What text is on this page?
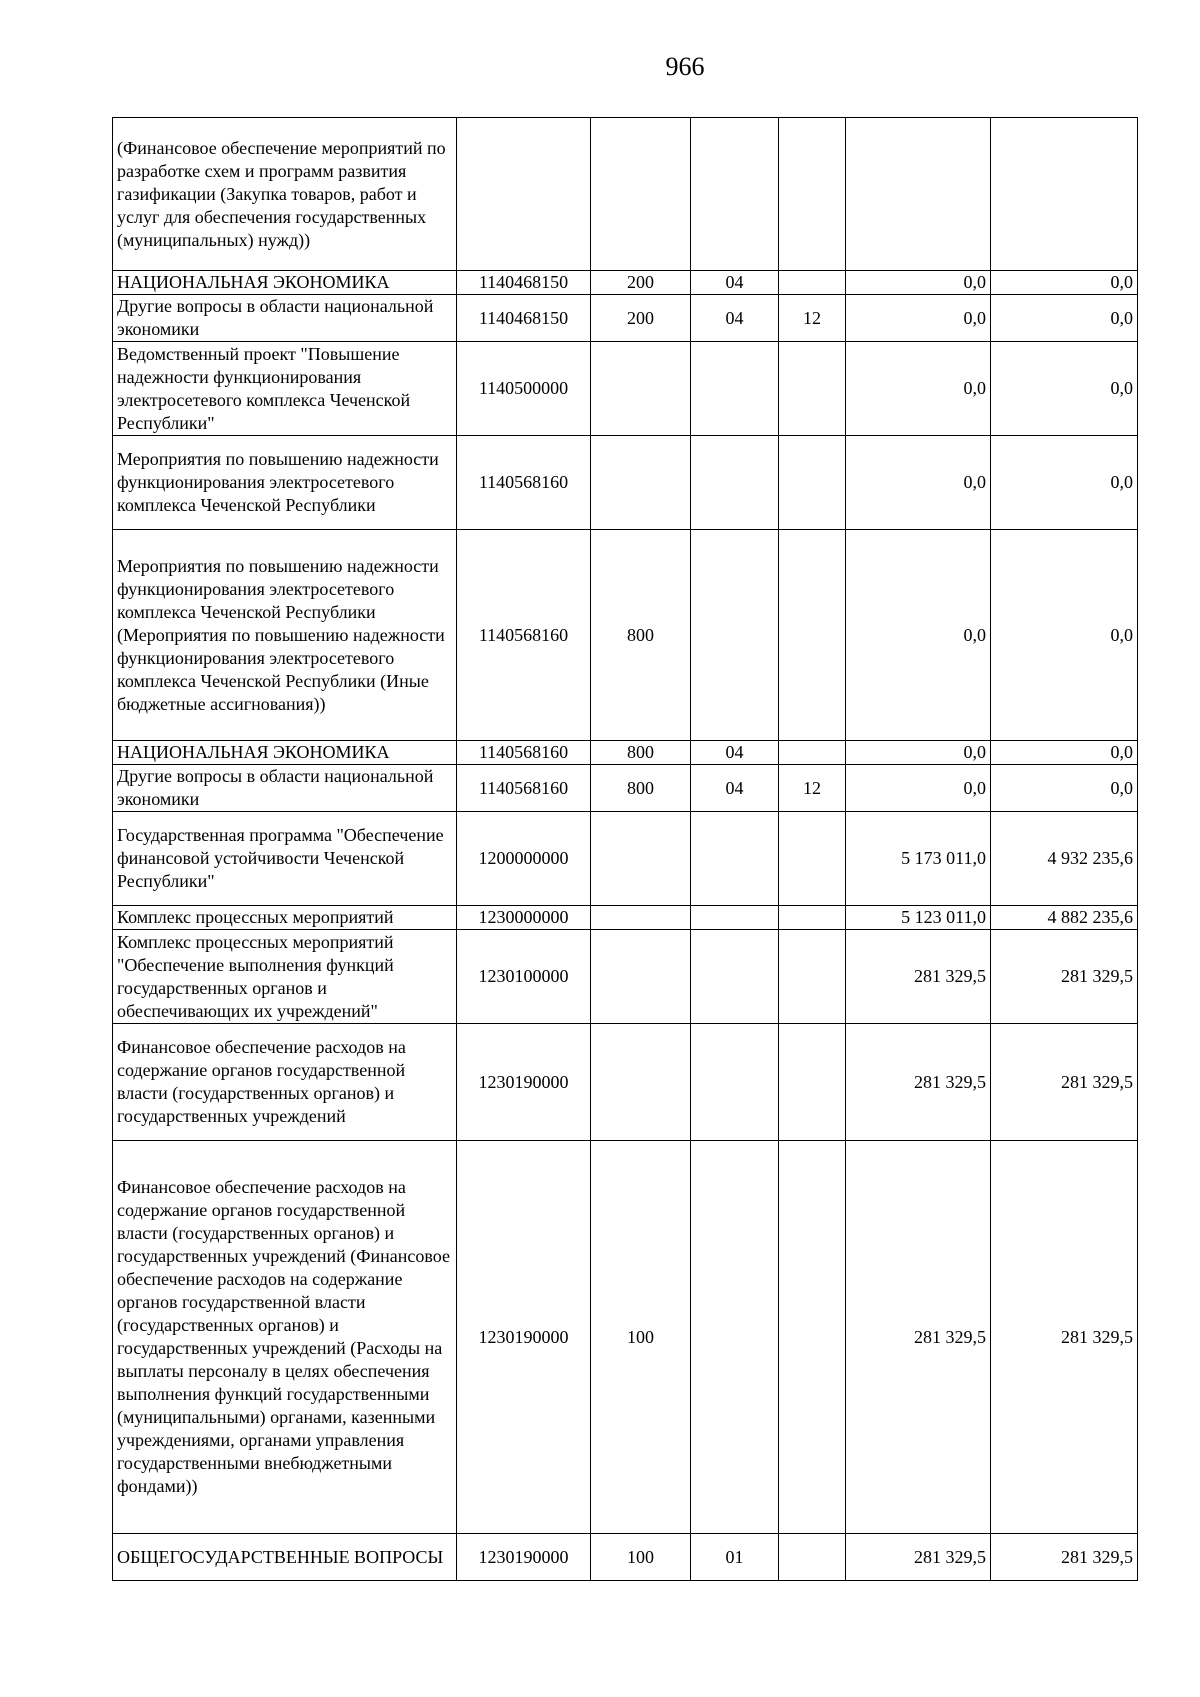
966
(Финансовое обеспечение мероприятий по разработке схем и программ развития газификации (Закупка товаров, работ и услуг для обеспечения государственных (муниципальных) нужд))						
НАЦИОНАЛЬНАЯ ЭКОНОМИКА	1140468150	200	04		0,0	0,0
Другие вопросы в области национальной экономики	1140468150	200	04	12	0,0	0,0
Ведомственный проект "Повышение надежности функционирования электросетевого комплекса Чеченской Республики"	1140500000				0,0	0,0
Мероприятия по повышению надежности функционирования электросетевого комплекса Чеченской Республики	1140568160				0,0	0,0
Мероприятия по повышению надежности функционирования электросетевого комплекса Чеченской Республики (Мероприятия по повышению надежности функционирования электросетевого комплекса Чеченской Республики (Иные бюджетные ассигнования))	1140568160	800			0,0	0,0
НАЦИОНАЛЬНАЯ ЭКОНОМИКА	1140568160	800	04		0,0	0,0
Другие вопросы в области национальной экономики	1140568160	800	04	12	0,0	0,0
Государственная программа "Обеспечение финансовой устойчивости Чеченской Республики"	1200000000				5 173 011,0	4 932 235,6
Комплекс процессных мероприятий	1230000000				5 123 011,0	4 882 235,6
Комплекс процессных мероприятий "Обеспечение выполнения функций государственных органов и обеспечивающих их учреждений"	1230100000				281 329,5	281 329,5
Финансовое обеспечение расходов на содержание органов государственной власти (государственных органов) и государственных учреждений	1230190000				281 329,5	281 329,5
Финансовое обеспечение расходов на содержание органов государственной власти (государственных органов) и государственных учреждений (Финансовое обеспечение расходов на содержание органов государственной власти (государственных органов) и государственных учреждений (Расходы на выплаты персоналу в целях обеспечения выполнения функций государственными (муниципальными) органами, казенными учреждениями, органами управления государственными внебюджетными фондами))	1230190000	100			281 329,5	281 329,5
ОБЩЕГОСУДАРСТВЕННЫЕ ВОПРОСЫ	1230190000	100	01		281 329,5	281 329,5
